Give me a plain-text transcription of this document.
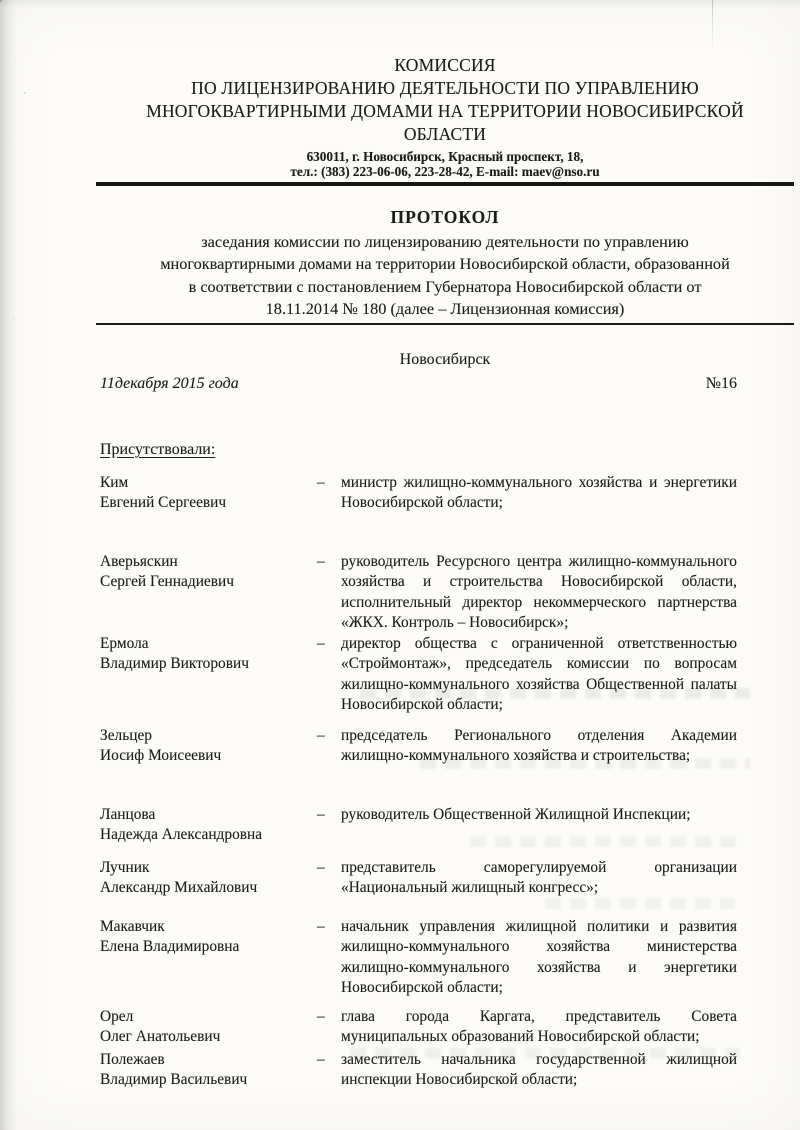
КОМИССИЯ
ПО ЛИЦЕНЗИРОВАНИЮ ДЕЯТЕЛЬНОСТИ ПО УПРАВЛЕНИЮ
МНОГОКВАРТИРНЫМИ ДОМАМИ НА ТЕРРИТОРИИ НОВОСИБИРСКОЙ
ОБЛАСТИ
630011, г. Новосибирск, Красный проспект, 18,
тел.: (383) 223-06-06, 223-28-42, E-mail: maev@nso.ru
ПРОТОКОЛ
заседания комиссии по лицензированию деятельности по управлению
многоквартирными домами на территории Новосибирской области, образованной
в соответствии с постановлением Губернатора Новосибирской области от
18.11.2014 № 180 (далее – Лицензионная комиссия)
Новосибирск
11декабря 2015 года	№16
Присутствовали:
Ким
Евгений Сергеевич
–	министр жилищно-коммунального хозяйства и энергетики Новосибирской области;
Аверьяскин
Сергей Геннадиевич
–	руководитель Ресурсного центра жилищно-коммунального хозяйства и строительства Новосибирской области, исполнительный директор некоммерческого партнерства «ЖКХ. Контроль – Новосибирск»;
Ермола
Владимир Викторович
–	директор общества с ограниченной ответственностью «Строймонтаж», председатель комиссии по вопросам жилищно-коммунального хозяйства Общественной палаты Новосибирской области;
Зельцер
Иосиф Моисеевич
–	председатель Регионального отделения Академии жилищно-коммунального хозяйства и строительства;
Ланцова
Надежда Александровна
–	руководитель Общественной Жилищной Инспекции;
Лучник
Александр Михайлович
–	представитель саморегулируемой организации «Национальный жилищный конгресс»;
Макавчик
Елена Владимировна
–	начальник управления жилищной политики и развития жилищно-коммунального хозяйства министерства жилищно-коммунального хозяйства и энергетики Новосибирской области;
Орел
Олег Анатольевич
–	глава города Каргата, представитель Совета муниципальных образований Новосибирской области;
Полежаев
Владимир Васильевич
–	заместитель начальника государственной жилищной инспекции Новосибирской области;
